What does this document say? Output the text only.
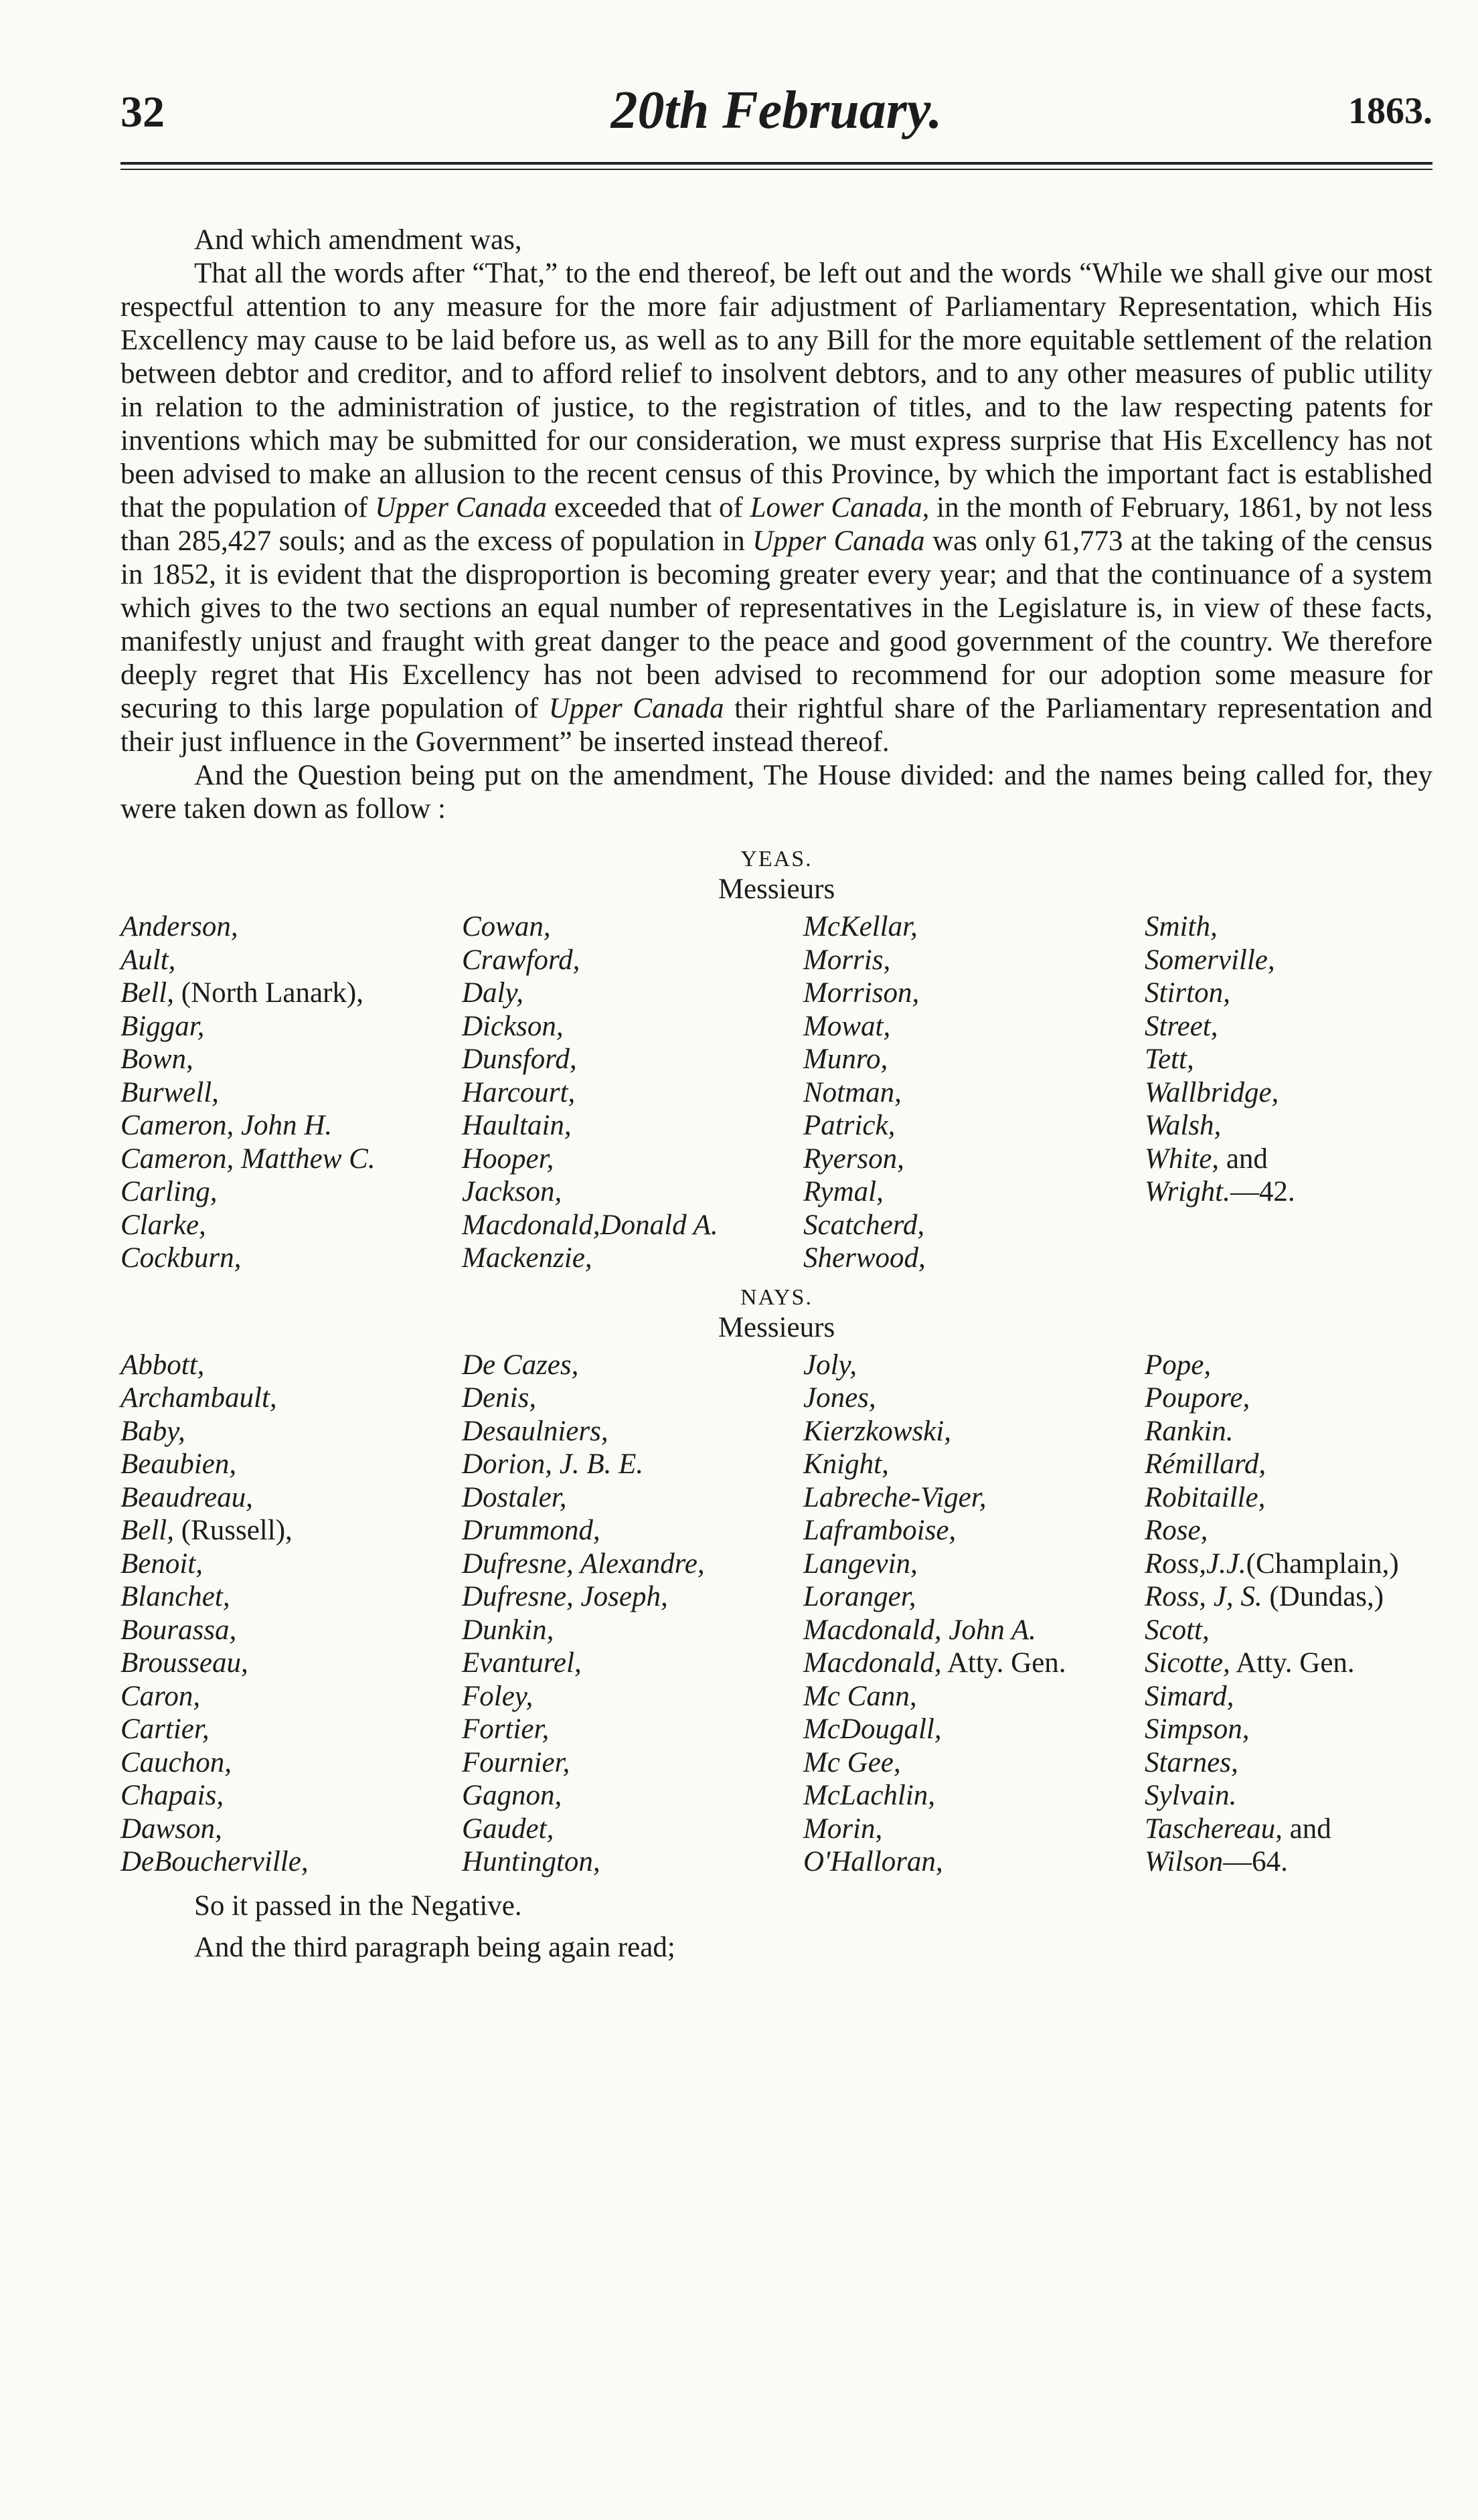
32	20th February.	1863.

And which amendment was,

That all the words after “That,” to the end thereof, be left out and the words “While we shall give our most respectful attention to any measure for the more fair adjustment of Parliamentary Representation, which His Excellency may cause to be laid before us, as well as to any Bill for the more equitable settlement of the relation between debtor and creditor, and to afford relief to insolvent debtors, and to any other measures of public utility in relation to the administration of justice, to the registration of titles, and to the law respecting patents for inventions which may be submitted for our consideration, we must express surprise that His Excellency has not been advised to make an allusion to the recent census of this Province, by which the important fact is established that the population of Upper Canada exceeded that of Lower Canada, in the month of February, 1861, by not less than 285,427 souls; and as the excess of population in Upper Canada was only 61,773 at the taking of the census in 1852, it is evident that the disproportion is becoming greater every year; and that the continuance of a system which gives to the two sections an equal number of representatives in the Legislature is, in view of these facts, manifestly unjust and fraught with great danger to the peace and good government of the country. We therefore deeply regret that His Excellency has not been advised to recommend for our adoption some measure for securing to this large population of Upper Canada their rightful share of the Parliamentary representation and their just influence in the Government” be inserted instead thereof.

And the Question being put on the amendment, The House divided: and the names being called for, they were taken down as follow :

YEAS.
Messieurs
Anderson,	Cowan,	McKellar,	Smith,
Ault,	Crawford,	Morris,	Somerville,
Bell, (North Lanark),	Daly,	Morrison,	Stirton,
Biggar,	Dickson,	Mowat,	Street,
Bown,	Dunsford,	Munro,	Tett,
Burwell,	Harcourt,	Notman,	Wallbridge,
Cameron, John H.	Haultain,	Patrick,	Walsh,
Cameron, Matthew C.	Hooper,	Ryerson,	White, and
Carling,	Jackson,	Rymal,	Wright.—42.
Clarke,	Macdonald,Donald A.	Scatcherd,
Cockburn,	Mackenzie,	Sherwood,
NAYS.
Messieurs
Abbott,	De Cazes,	Joly,	Pope,
Archambault,	Denis,	Jones,	Poupore,
Baby,	Desaulniers,	Kierzkowski,	Rankin.
Beaubien,	Dorion, J. B. E.	Knight,	Rémillard,
Beaudreau,	Dostaler,	Labreche-Viger,	Robitaille,
Bell, (Russell),	Drummond,	Laframboise,	Rose,
Benoit,	Dufresne, Alexandre,	Langevin,	Ross,J.J.(Champlain,)
Blanchet,	Dufresne, Joseph,	Loranger,	Ross, J, S. (Dundas,)
Bourassa,	Dunkin,	Macdonald, John A.	Scott,
Brousseau,	Evanturel,	Macdonald, Atty. Gen.	Sicotte, Atty. Gen.
Caron,	Foley,	Mc Cann,	Simard,
Cartier,	Fortier,	McDougall,	Simpson,
Cauchon,	Fournier,	Mc Gee,	Starnes,
Chapais,	Gagnon,	McLachlin,	Sylvain.
Dawson,	Gaudet,	Morin,	Taschereau, and
DeBoucherville,	Huntington,	O'Halloran,	Wilson—64.

So it passed in the Negative.

And the third paragraph being again read;
